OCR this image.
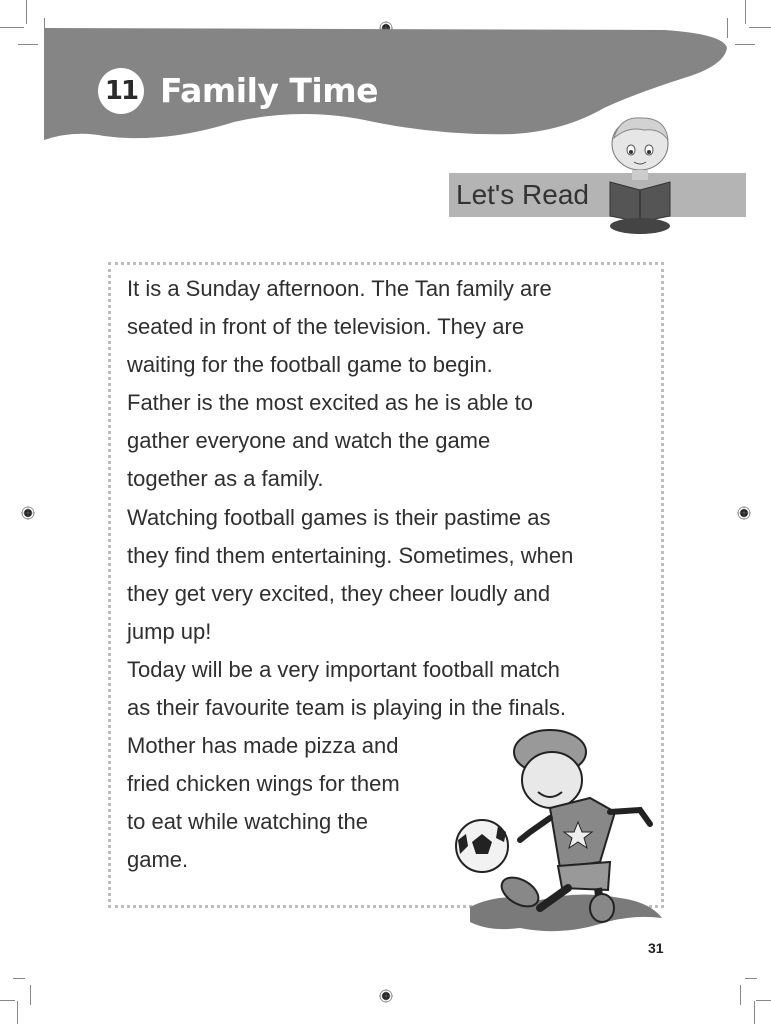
11 Family Time
Let's Read
It is a Sunday afternoon. The Tan family are
seated in front of the television. They are
waiting for the football game to begin.
Father is the most excited as he is able to
gather everyone and watch the game
together as a family.
Watching football games is their pastime as
they find them entertaining. Sometimes, when
they get very excited, they cheer loudly and
jump up!
Today will be a very important football match
as their favourite team is playing in the finals.
Mother has made pizza and
fried chicken wings for them
to eat while watching the
game.
31
